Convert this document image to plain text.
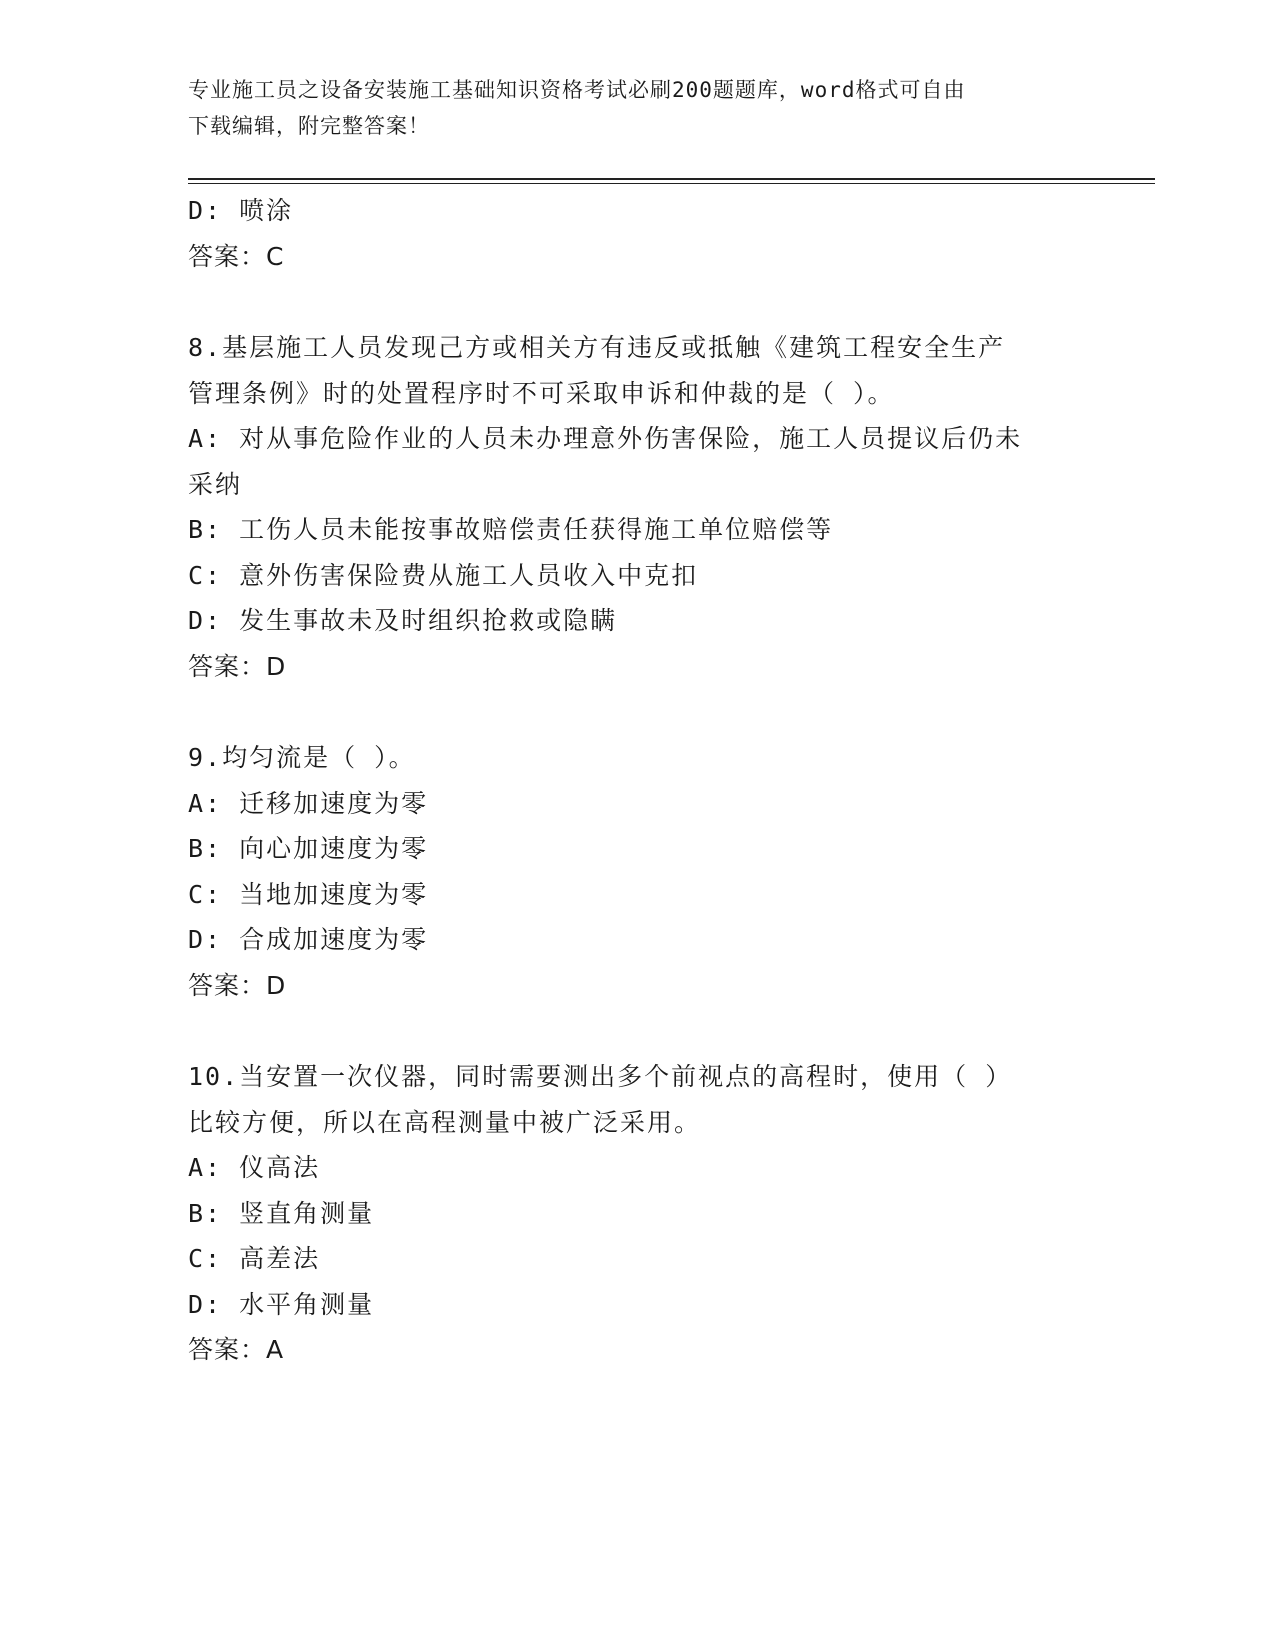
专业施工员之设备安装施工基础知识资格考试必刷200题题库，word格式可自由

下载编辑，附完整答案！

D: 喷涂

答案：C

8.基层施工人员发现己方或相关方有违反或抵触《建筑工程安全生产

管理条例》时的处置程序时不可采取申诉和仲裁的是（ ）。

A: 对从事危险作业的人员未办理意外伤害保险，施工人员提议后仍未

采纳

B: 工伤人员未能按事故赔偿责任获得施工单位赔偿等

C: 意外伤害保险费从施工人员收入中克扣

D: 发生事故未及时组织抢救或隐瞒

答案：D

9.均匀流是（ ）。

A: 迁移加速度为零

B: 向心加速度为零

C: 当地加速度为零

D: 合成加速度为零

答案：D

10.当安置一次仪器，同时需要测出多个前视点的高程时，使用（ ）

比较方便，所以在高程测量中被广泛采用。

A: 仪高法

B: 竖直角测量

C: 高差法

D: 水平角测量

答案：A
